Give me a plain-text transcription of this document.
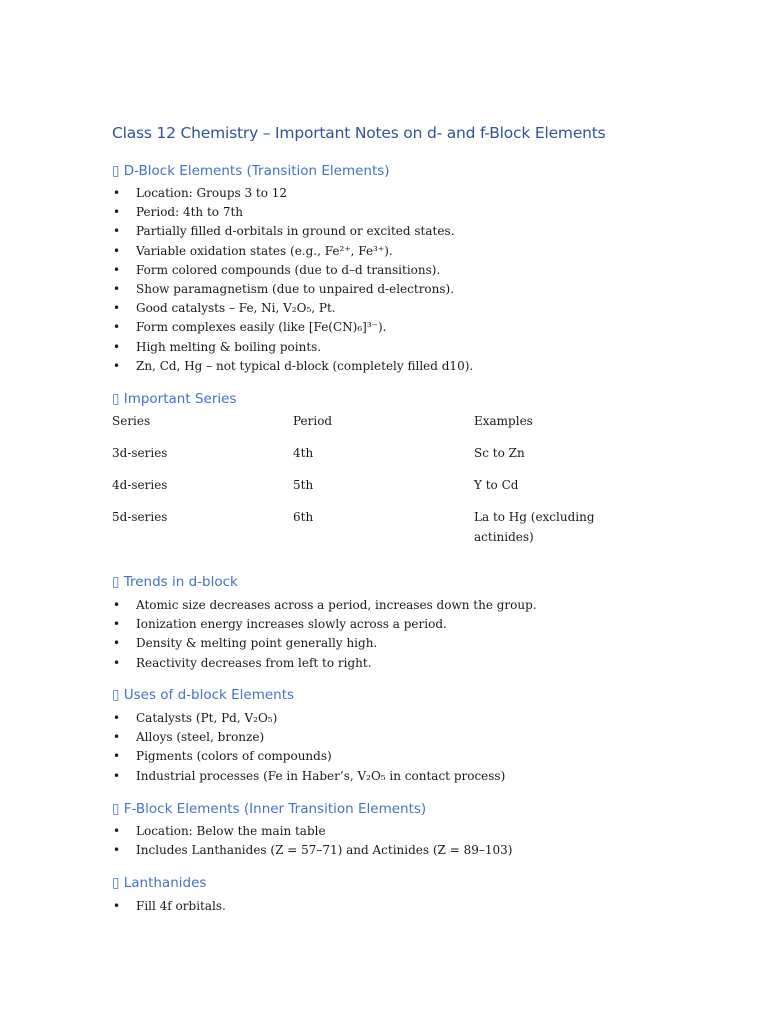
Class 12 Chemistry – Important Notes on d- and f-Block Elements
▯ D-Block Elements (Transition Elements)
• Location: Groups 3 to 12
• Period: 4th to 7th
• Partially filled d-orbitals in ground or excited states.
• Variable oxidation states (e.g., Fe²⁺, Fe³⁺).
• Form colored compounds (due to d–d transitions).
• Show paramagnetism (due to unpaired d-electrons).
• Good catalysts – Fe, Ni, V₂O₅, Pt.
• Form complexes easily (like [Fe(CN)₆]³⁻).
• High melting & boiling points.
• Zn, Cd, Hg – not typical d-block (completely filled d10).
▯ Important Series
Series	Period	Examples
3d-series	4th	Sc to Zn
4d-series	5th	Y to Cd
5d-series	6th	La to Hg (excluding actinides)
▯ Trends in d-block
• Atomic size decreases across a period, increases down the group.
• Ionization energy increases slowly across a period.
• Density & melting point generally high.
• Reactivity decreases from left to right.
▯ Uses of d-block Elements
• Catalysts (Pt, Pd, V₂O₅)
• Alloys (steel, bronze)
• Pigments (colors of compounds)
• Industrial processes (Fe in Haber’s, V₂O₅ in contact process)
▯ F-Block Elements (Inner Transition Elements)
• Location: Below the main table
• Includes Lanthanides (Z = 57–71) and Actinides (Z = 89–103)
▯ Lanthanides
• Fill 4f orbitals.
